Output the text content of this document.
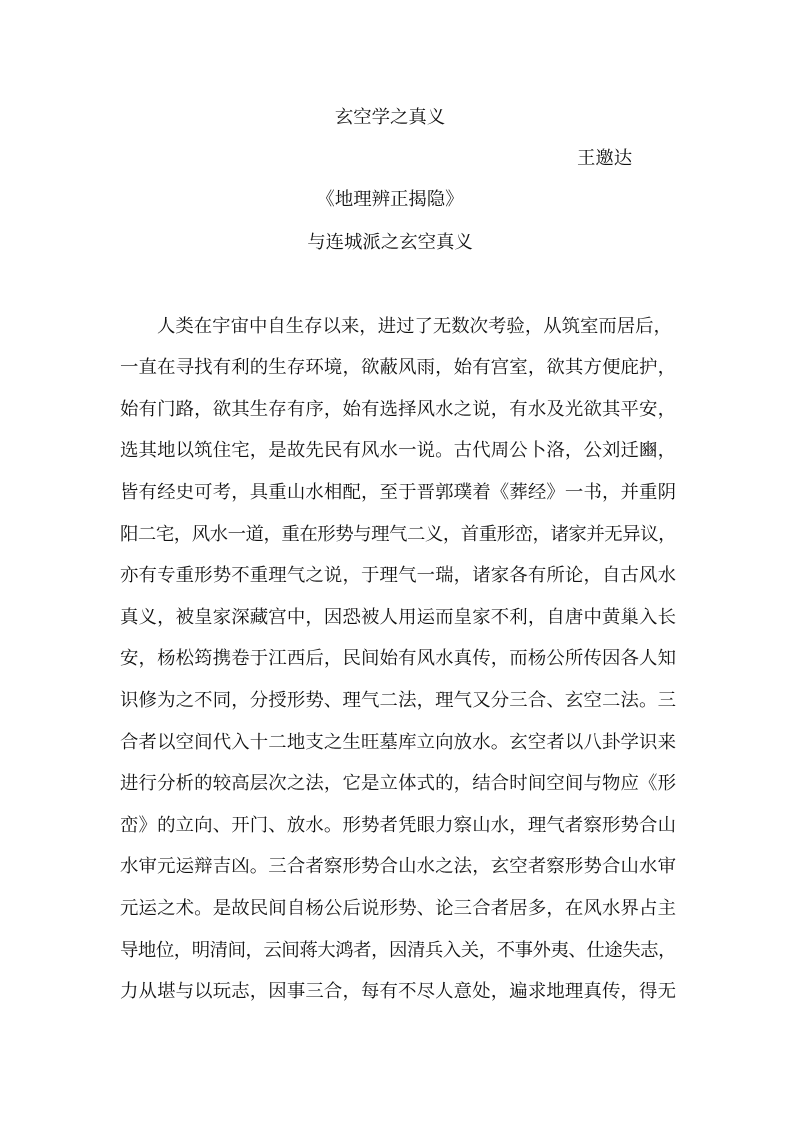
玄空学之真义
王邀达
《地理辨正揭隐》
与连城派之玄空真义
人类在宇宙中自生存以来，进过了无数次考验，从筑室而居后，
一直在寻找有利的生存环境，欲蔽风雨，始有宫室，欲其方便庇护，
始有门路，欲其生存有序，始有选择风水之说，有水及光欲其平安，
选其地以筑住宅，是故先民有风水一说。古代周公卜洛，公刘迁豳，
皆有经史可考，具重山水相配，至于晋郭璞着《葬经》一书，并重阴
阳二宅，风水一道，重在形势与理气二义，首重形峦，诸家并无异议，
亦有专重形势不重理气之说，于理气一瑞，诸家各有所论，自古风水
真义，被皇家深藏宫中，因恐被人用运而皇家不利，自唐中黄巢入长
安，杨松筠携卷于江西后，民间始有风水真传，而杨公所传因各人知
识修为之不同，分授形势、理气二法，理气又分三合、玄空二法。三
合者以空间代入十二地支之生旺墓库立向放水。玄空者以八卦学识来
进行分析的较高层次之法，它是立体式的，结合时间空间与物应《形
峦》的立向、开门、放水。形势者凭眼力察山水，理气者察形势合山
水审元运辩吉凶。三合者察形势合山水之法，玄空者察形势合山水审
元运之术。是故民间自杨公后说形势、论三合者居多，在风水界占主
导地位，明清间，云间蒋大鸿者，因清兵入关，不事外夷、仕途失志，
力从堪与以玩志，因事三合，每有不尽人意处，遍求地理真传，得无
